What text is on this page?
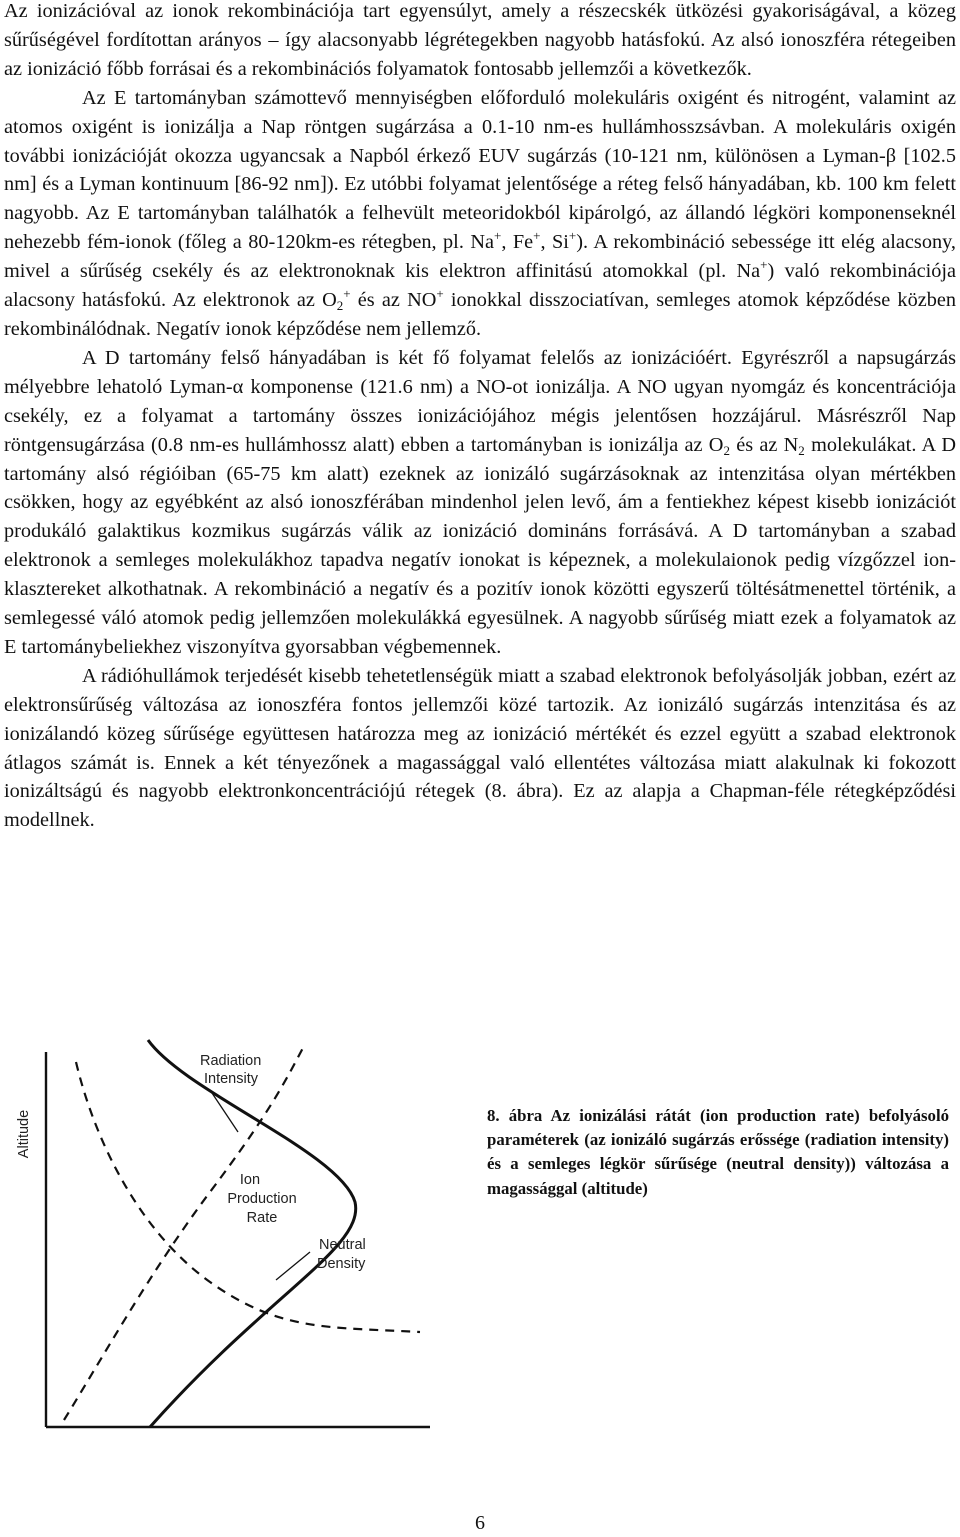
Az ionizációval az ionok rekombinációja tart egyensúlyt, amely a részecskék ütközési gyakoriságával, a közeg sűrűségével fordítottan arányos – így alacsonyabb légrétegekben nagyobb hatásfokú. Az alsó ionoszféra rétegeiben az ionizáció főbb forrásai és a rekombinációs folyamatok fontosabb jellemzői a következők.

Az E tartományban számottevő mennyiségben előforduló molekuláris oxigént és nitrogént, valamint az atomos oxigént is ionizálja a Nap röntgen sugárzása a 0.1-10 nm-es hullámhosszsávban. A molekuláris oxigén további ionizációját okozza ugyancsak a Napból érkező EUV sugárzás (10-121 nm, különösen a Lyman-β [102.5 nm] és a Lyman kontinuum [86-92 nm]). Ez utóbbi folyamat jelentősége a réteg felső hányadában, kb. 100 km felett nagyobb. Az E tartományban találhatók a felhevült meteoridokból kipárolgó, az állandó légköri komponenseknél nehezebb fém-ionok (főleg a 80-120km-es rétegben, pl. Na+, Fe+, Si+). A rekombináció sebessége itt elég alacsony, mivel a sűrűség csekély és az elektronoknak kis elektron affinitású atomokkal (pl. Na+) való rekombinációja alacsony hatásfokú. Az elektronok az $O_2^+$ és az NO+ ionokkal disszociatívan, semleges atomok képződése közben rekombinálódnak. Negatív ionok képződése nem jellemző.

A D tartomány felső hányadában is két fő folyamat felelős az ionizációért. Egyrészről a napsugárzás mélyebbre lehatoló Lyman-α komponense (121.6 nm) a NO-ot ionizálja. A NO ugyan nyomgáz és koncentrációja csekély, ez a folyamat a tartomány összes ionizációjához mégis jelentősen hozzájárul. Másrészről Nap röntgensugárzása (0.8 nm-es hullámhossz alatt) ebben a tartományban is ionizálja az $O_2$ és az $N_2$ molekulákat. A D tartomány alsó régióiban (65-75 km alatt) ezeknek az ionizáló sugárzásoknak az intenzitása olyan mértékben csökken, hogy az egyébként az alsó ionoszférában mindenhol jelen levő, ám a fentiekhez képest kisebb ionizációt produkáló galaktikus kozmikus sugárzás válik az ionizáció domináns forrásává. A D tartományban a szabad elektronok a semleges molekulákhoz tapadva negatív ionokat is képeznek, a molekulaionok pedig vízgőzzel ion-klasztereket alkothatnak. A rekombináció a negatív és a pozitív ionok közötti egyszerű töltésátmenettel történik, a semlegessé váló atomok pedig jellemzően molekulákká egyesülnek. A nagyobb sűrűség miatt ezek a folyamatok az E tartománybeliekhez viszonyítva gyorsabban végbemennek.

A rádióhullámok terjedését kisebb tehetetlenségük miatt a szabad elektronok befolyásolják jobban, ezért az elektronsűrűség változása az ionoszféra fontos jellemzői közé tartozik. Az ionizáló sugárzás intenzitása és az ionizálandó közeg sűrűsége együttesen határozza meg az ionizáció mértékét és ezzel együtt a szabad elektronok átlagos számát is. Ennek a két tényezőnek a magassággal való ellentétes változása miatt alakulnak ki fokozott ionizáltságú és nagyobb elektronkoncentrációjú rétegek (8. ábra). Ez az alapja a Chapman-féle rétegképződési modellnek.

Altitude
Radiation
Intensity
Ion
Production
Rate
Neutral
Density
8. ábra Az ionizálási rátát (ion production rate) befolyásoló paraméterek (az ionizáló sugárzás erőssége (radiation intensity) és a semleges légkör sűrűsége (neutral density)) változása a magassággal (altitude)
6
